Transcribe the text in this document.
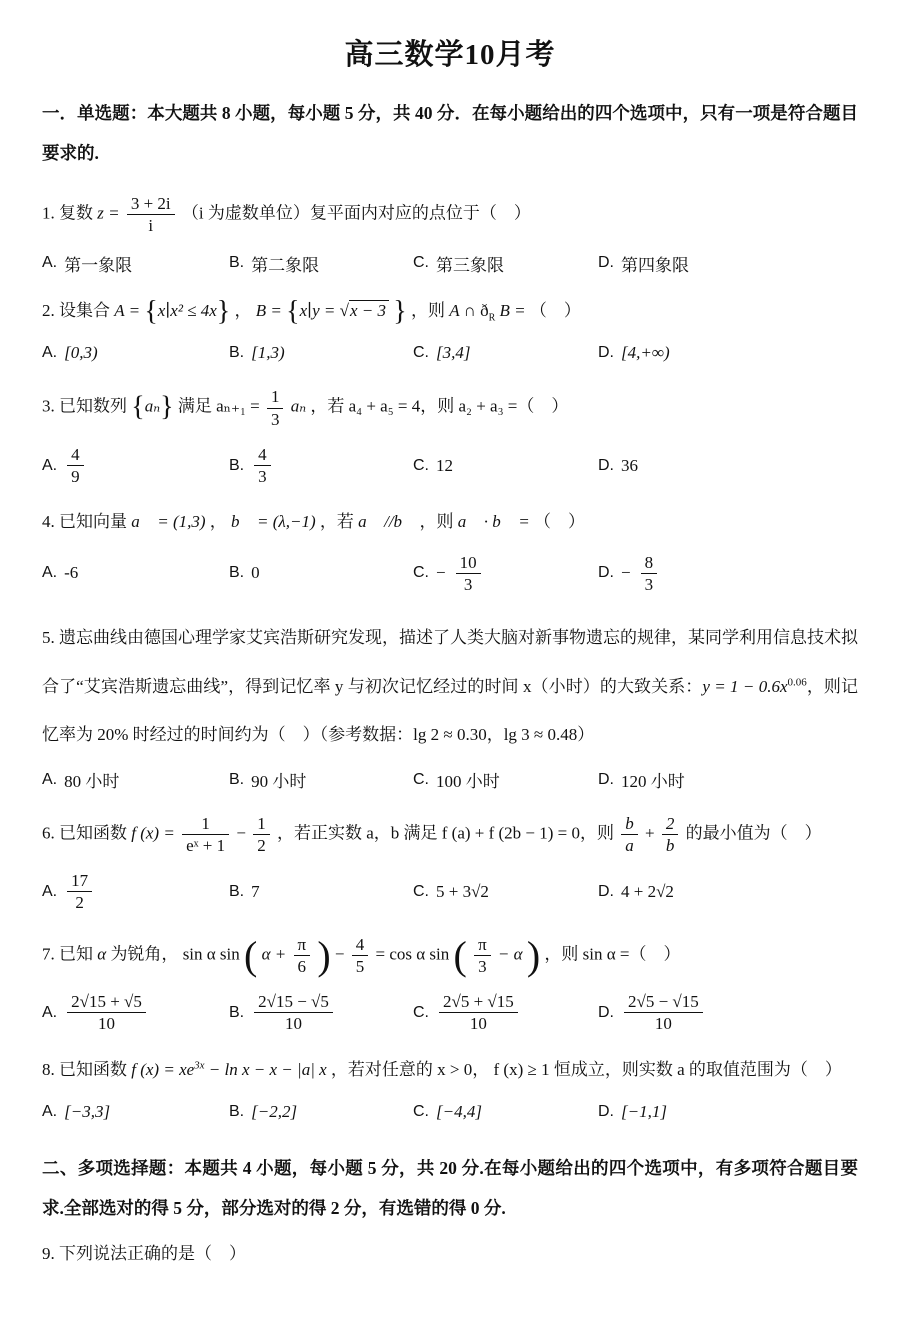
高三数学10月考

一．单选题：本大题共 8 小题，每小题 5 分，共 40 分．在每小题给出的四个选项中，只有一项是符合题目要求的.

1. 复数 $z = \frac{3 + 2i}{i} (i$ 为虚数单位）复平面内对应的点位于（　）
A. 第一象限	B. 第二象限	C. 第三象限	D. 第四象限
2. 设集合 A = {x∣x² ≤ 4x} ， B = {x∣y = √ x − 3 } ，则 A ∩ $ð_R$ B = （　）
A. [0,3)	B. [1,3)	C. [3,4]	D. [4,+∞)
3. 已知数列 {aₙ} 满足 $a_{n+1} = \frac{1}{3}$ aₙ ，若 a₄ + a₅ = 4，则 a₂ + a₃ =（　）
A. $\frac{4}{9}$	B. $\frac{4}{3}$	C. 12	D. 36
4. 已知向量 a⃗ = (1,3) ， b⃗ = (λ,−1) ，若 a⃗ //b⃗ ，则 a⃗ · b⃗ = （　）
A. -6	B. 0	C. − $\frac{10}{3}$	D. − $\frac{8}{3}$

5. 遗忘曲线由德国心理学家艾宾浩斯研究发现，描述了人类大脑对新事物遗忘的规律，某同学利用信息技术拟合了“艾宾浩斯遗忘曲线”，得到记忆率 y 与初次记忆经过的时间 x（小时）的大致关系：$y = 1 - 0.6x^{0.06}$，则记忆率为 20% 时经过的时间约为（　）（参考数据：lg 2 ≈ 0.30，lg 3 ≈ 0.48）

A. 80 小时	B. 90 小时	C. 100 小时	D. 120 小时
6. 已知函数 f $(x) = \frac{1}{\text{eˣ + 1}} - \frac{1}{2}$ ，若正实数 a，b 满足 f (a) + f (2b − 1) = 0，则 $\frac{b}{a} + \frac{2}{b}$ 的最小值为（　）
A. $\frac{17}{2}$	B. 7	C. 5 + 3√2	D. 4 + 2√2
7. 已知 α 为锐角， sin α sin ( $\alpha + \frac{\pi}{6}$ ) − $\frac{4}{5} = \cos \alpha$ sin ( $\frac{\pi}{3} - \alpha$ ) ，则 sin α =（　）
A. $\frac{2√15 + √5}{10}$	B. $\frac{2√15 - √5}{10}$	C. $\frac{2√5 + √15}{10}$	D. $\frac{2√5 - √15}{10}$
8. 已知函数 f $(x) = xe^{3x} - \ln x - x - |a|$ x ，若对任意的 x > 0， f (x) ≥ 1 恒成立，则实数 a 的取值范围为（　）
A. [−3,3]	B. [−2,2]	C. [−4,4]	D. [−1,1]

二、多项选择题：本题共 4 小题，每小题 5 分，共 20 分.在每小题给出的四个选项中，有多项符合题目要求.全部选对的得 5 分，部分选对的得 2 分，有选错的得 0 分.

9. 下列说法正确的是（　）
